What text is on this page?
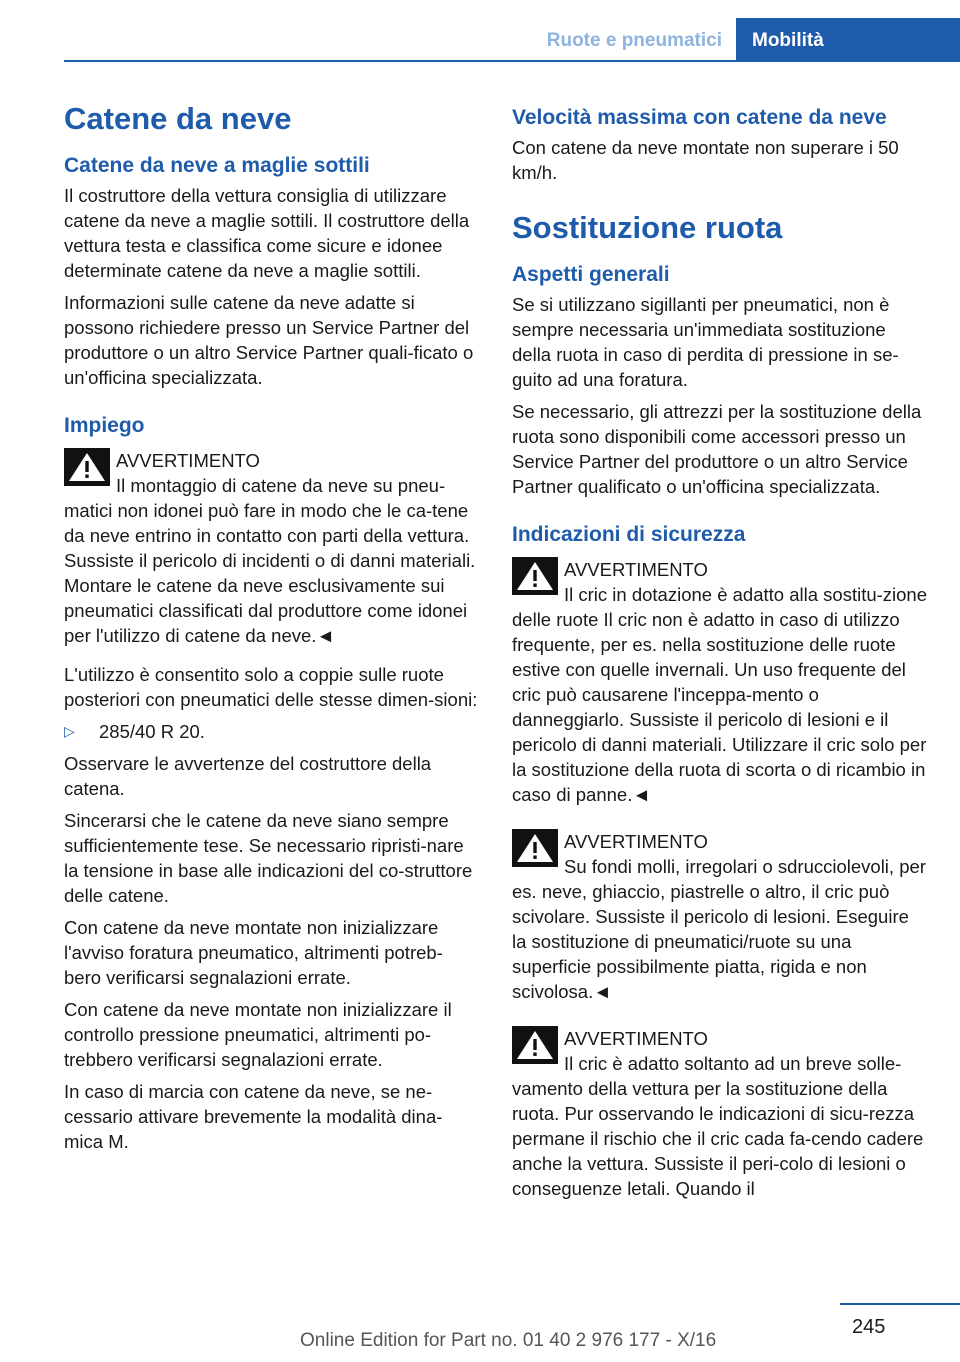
Ruote e pneumatici	Mobilità
Catene da neve
Catene da neve a maglie sottili

Il costruttore della vettura consiglia di utilizzare catene da neve a maglie sottili. Il costruttore della vettura testa e classifica come sicure e idonee determinate catene da neve a maglie sottili.

Informazioni sulle catene da neve adatte si possono richiedere presso un Service Partner del produttore o un altro Service Partner quali-ficato o un'officina specializzata.

Impiego
AVVERTIMENTO

Il montaggio di catene da neve su pneu-matici non idonei può fare in modo che le ca-tene da neve entrino in contatto con parti della vettura. Sussiste il pericolo di incidenti o di danni materiali. Montare le catene da neve esclusivamente sui pneumatici classificati dal produttore come idonei per l'utilizzo di catene da neve.◄

L'utilizzo è consentito solo a coppie sulle ruote posteriori con pneumatici delle stesse dimen-sioni:

▷ 285/40 R 20.

Osservare le avvertenze del costruttore della catena.

Sincerarsi che le catene da neve siano sempre sufficientemente tese. Se necessario ripristi-nare la tensione in base alle indicazioni del co-struttore delle catene.

Con catene da neve montate non inizializzare l'avviso foratura pneumatico, altrimenti potreb-bero verificarsi segnalazioni errate.

Con catene da neve montate non inizializzare il controllo pressione pneumatici, altrimenti po-trebbero verificarsi segnalazioni errate.

In caso di marcia con catene da neve, se ne-cessario attivare brevemente la modalità dina-mica M.

Velocità massima con catene da neve

Con catene da neve montate non superare i 50 km/h.

Sostituzione ruota
Aspetti generali

Se si utilizzano sigillanti per pneumatici, non è sempre necessaria un'immediata sostituzione della ruota in caso di perdita di pressione in se-guito ad una foratura.

Se necessario, gli attrezzi per la sostituzione della ruota sono disponibili come accessori presso un Service Partner del produttore o un altro Service Partner qualificato o un'officina specializzata.

Indicazioni di sicurezza
AVVERTIMENTO

Il cric in dotazione è adatto alla sostitu-zione delle ruote Il cric non è adatto in caso di utilizzo frequente, per es. nella sostituzione delle ruote estive con quelle invernali. Un uso frequente del cric può causarene l'inceppa-mento o danneggiarlo. Sussiste il pericolo di lesioni e il pericolo di danni materiali. Utilizzare il cric solo per la sostituzione della ruota di scorta o di ricambio in caso di panne.◄

AVVERTIMENTO

Su fondi molli, irregolari o sdrucciolevoli, per es. neve, ghiaccio, piastrelle o altro, il cric può scivolare. Sussiste il pericolo di lesioni. Eseguire la sostituzione di pneumatici/ruote su una superficie possibilmente piatta, rigida e non scivolosa.◄

AVVERTIMENTO

Il cric è adatto soltanto ad un breve solle-vamento della vettura per la sostituzione della ruota. Pur osservando le indicazioni di sicu-rezza permane il rischio che il cric cada fa-cendo cadere anche la vettura. Sussiste il peri-colo di lesioni o conseguenze letali. Quando il

245
Online Edition for Part no. 01 40 2 976 177 - X/16
